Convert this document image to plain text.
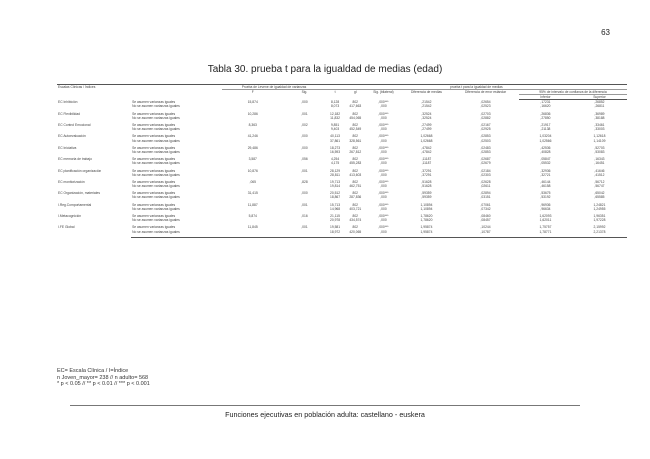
63
Tabla 30. prueba t para la igualdad de medias (edad)
Escalas Clínicas / Índices		Prueba de Levene de igualdad de varianzas		prueba t para la igualdad de medias						
		F	Sig.	t	gl	Sig. (bilateral)	Diferencia de medias	Diferencia de error estándar	95% de intervalo de confianza de la diferencia	
									Inferior	Superior
EC Inhibición	Se asumen varianzas iguales	15,874	,000	8,128	802	,000***	,21542	,02654	,17231	,26852
	No se asumen varianzas iguales			8,073	417,663	,000	,21542	,02523	,16620	,26811
EC Flexibilidad	Se asumen varianzas iguales	10,286	,001	12,182	802	,000***	,32524	,02703	,26836	,36989
	No se asumen varianzas iguales			11,832	454,065	,000	,32524	,02882	,27850	,38188
EC Control Emocional	Se asumen varianzas iguales	8,363	,002	9,851	802	,000***	,27499	,02167	,21917	,33461
	No se asumen varianzas iguales			9,403	452,549	,000	,27499	,02925	,21138	,33003
EC Autoevaluación	Se asumen varianzas iguales	41,246	,000	40,113	802	,000***	1,02668	,02853	1,03204	1,12618
	No se asumen varianzas iguales			37,861	328,561	,000	1,02668	,02503	1,02566	1,14109
EC Iniciativa	Se asumen varianzas iguales	29,486	,000	18,273	802	,000***	,47842	,02483	,42536	,52703
	No se asumen varianzas iguales			16,593	267,812	,000	,47842	,02853	,40828	,53083
EC memoria de trabajo	Se asumen varianzas iguales	3,587	,056	4,254	802	,000***	,11187	,02687	,05847	,16343
	No se asumen varianzas iguales			4,175	455,283	,000	,11187	,02679	,05532	,16451
EC planificación organización	Se asumen varianzas iguales	10,876	,001	28,129	802	,000***	,37291	,02184	,32936	,41646
	No se asumen varianzas iguales			28,811	413,603	,000	,37291	,02303	,32721	,41512
EC monitorización	Se asumen varianzas iguales	,065	,828	19,713	802	,000***	,51628	,02628	,46144	,56712
	No se asumen varianzas iguales			19,814	462,751	,000	,51628	,02611	,46158	,56747
EC Organización, materiales	Se asumen varianzas iguales	31,415	,000	20,512	802	,000***	,59359	,02894	,53675	,65042
	No se asumen varianzas iguales			18,867	287,836	,000	,59359	,03151	,53192	,65585
I.Reg.Comportamental	Se asumen varianzas iguales	11,887	,001	15,713	802	,000***	1,10894	,07061	,96936	1,24821
	No se asumen varianzas iguales			14,968	403,721	,000	1,10894	,07342	,96634	1,24955
I.Metacognición	Se asumen varianzas iguales	5,874	,016	21,115	802	,000***	1,78620	,08460	1,62093	1,96351
	No se asumen varianzas iguales			20,978	434,574	,000	1,78620	,08457	1,62011	1,97228
I.FE Global	Se asumen varianzas iguales	11,845	,001	19,581	802	,000***	1,95874	,10244	1,75757	2,15992
	No se asumen varianzas iguales			18,972	420,065	,000	1,95874	,10787	1,78771	2,21378
EC= Escala Clínica / I=Índice
n Joven_mayor= 238 // n adulto= 568
* p < 0.05 // ** p < 0.01 // *** p < 0.001
Funciones ejecutivas en población adulta: castellano - euskera
